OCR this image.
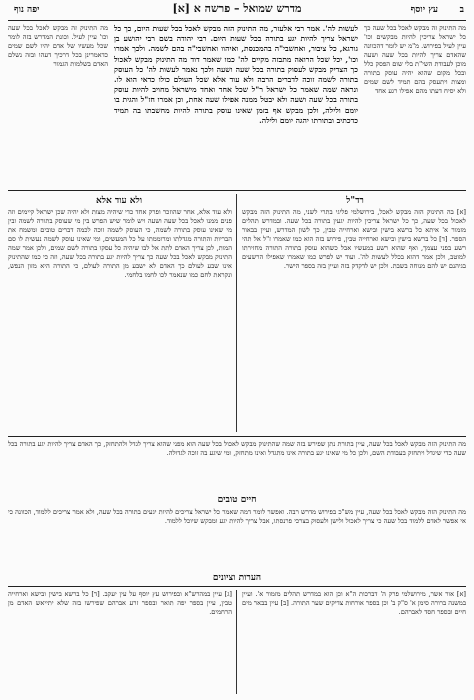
יפה נוף	מדרש שמואל – פרשה א [א]	עץ יוסף ב
מה התינוק זה מבקש לאכל בכל שעה כך כל ישראל צריכין להיות מבקשים וכו' עיין לעיל בפירוש. מ"מ יש לומר דהכוונה שהאדם צריך להיות בכל שעה ושעה מוכן לעבודת השי"ת בלי שום הפסק כלל ובכל מקום שהוא יהיה עוסק בתורה ומצות ויתעסק בהם תמיד לשם שמים ולא יסיח דעתו מהם אפילו רגע אחד
מה התינוק זה מבקש לאכל בכל שעה וכו' עיין לעיל. וכונת המדרש בזה לומר שכל מעשיו של אדם יהיו לשם שמים כדאמרינן בכל דרכיך דעהו ובזה נשלם האדם בשלמות הגמור
לעשות לה'. אמר רבי אלעזר, מה התינוק הזה מבקש לאכל בכל שעות היום, כך כל ישראל צריך להיות יגע בתורה בכל שעות היום. רבי יהודה בשם רבי יהושע בן גורגא, כל ציבור, ואחשבי"ה בהמכנסת, ואיהוו ואחשבי"ה בהם לשמה. ולכך אמרו וכו', יכל שכל הרואה מתבזה מקיים לה' כמו שאמר דוד מה התינוק מבקש לאכול כך הצדיק מבקש לעסוק בתורה בכל שעה ושעה ולכך נאמר לעשות לה' כל העוסק בתורה לשמה זוכה לדברים הרבה ולא עוד אלא שכל העולם כולו כדאי הוא לו. ונראה שמה שאמר כל ישראל ר"ל שכל אחד ואחד מישראל מחויב להיות עוסק בתורה בכל שעה ושעה ולא יבטל ממנה אפילו שעה אחת, וכן אמרו חז"ל והגית בו יומם ולילה, ולכן מבקש אף בזמן שאינו עוסק בתורה להיות מחשבתו בה תמיד כדכתיב ובתורתו יהגה יומם ולילה.
רד"ל
ולא עוד אלא
[א] בה התינוק הזה מבקש לאכל, בירושלמי פליגי בתרי לשני, מה התינוק הזה מבקש לאכול בכל שעה, כך כל ישראל צריכין להיות יגעין בתורה בכל שעה. ובמדרש תהלים מזמור א' איתא כל ברשא בישין ובישא וארחייה טבין, כך לשון המדרש, ועיין בבאור הספר. [ד] כל ברשא בישין ובישא וארחייה טבין, פירוש בזה הוא כמו שאמרו ז"ל אל תהי רשע בפני עצמך, ואף שהוא רשע במעשיו אבל כשהוא עוסק בתורה התורה מחזירתו למוטב, ולכן אמר דהוא בכלל לעשות לה'. ועוד יש לפרש כמו שאמרו שאפילו הרשעים בגיהנם יש להם מנוחה בשבת. ולכן יש לדקדק בזה ועיין בזה בספר הישר.
ולא עוד אלא, אחר שהוזכר ופרק אחד כדי שיהיה מצות ולא יהיה שכן ישראל קיימים וזה פנים ממנו לאכל בכל שעה ושעה ויש לומר שיש הפרש בין מי שעוסק בתורה לשמה ובין מי שאינו עוסק בתורה לשמה, כי העוסק לשמה זוכה לכמה דברים טובים ומשמח את הבריות והתורה מגדלתו ומרוממתו על כל המעשים, ומי שאינו עוסק לשמה נעשית לו סם המות, לכן צריך האדם לתת אל לבו שיהיה כל עסקו בתורה לשם שמים, ולכן אמר שמה התינוק מבקש לאכל בכל שעה כך צריך להיות יגע בתורה בכל שעה, וזה כי כמו שהתינוק אינו שבע לעולם כך האדם לא ישבע מן התורה לעולם, כי התורה היא מזון הנפש, ונקראת לחם כמו שנאמר לכו לחמו בלחמי.
מה התינוק הזה מבקש לאכל בכל שעה, עיין בתורת נתן שפירש בזה שמה שהתינוק מבקש לאכול בכל שעה הוא מפני שהוא צריך לגדל ולהתחזק, כך האדם צריך להיות יגע בתורה בכל שעה כדי שיגדל ויתחזק בעבודת השם, ולכן כל מי שאינו יגע בתורה אינו מתגדל ואינו מתחזק, ומי שיגע בה זוכה לגדולה.
חיים טובים
מה התינוק הזה מבקש לאכל בכל שעה, עיין מש"כ בפירוש מדרש רבה. ואפשר לומר דמה שאמר כל ישראל צריכים להיות יגעים בתורה בכל שעה, ולא אמר צריכים ללמוד, הכוונה כי אי אפשר לאדם ללמוד בכל שעה כי צריך לאכול ולישן ולעסוק בצרכי פרנסתו, אבל צריך להיות יגע ומבקש שיוכל ללמוד.
הערות וציונים
[א] אור אשר, מירושלמי פרק ה' דברכות ה"א וכן הוא במדרש תהלים מזמור א'. ועיין במשנה ברורה סימן א' ס"ק ב' וכן בספר אורחות צדיקים שער התורה. [ב] עיין בבאר מים חיים ובספר חסד לאברהם.
[ג] עיין במהרש"א ובפירוש עץ יוסף על עין יעקב. [ד] כל ברשא בישין ובישא וארחייה טבין, עיין בספר יפה תואר ובספר זרע אברהם שפירשו בזה שלא יתייאש האדם מן הרחמים.
